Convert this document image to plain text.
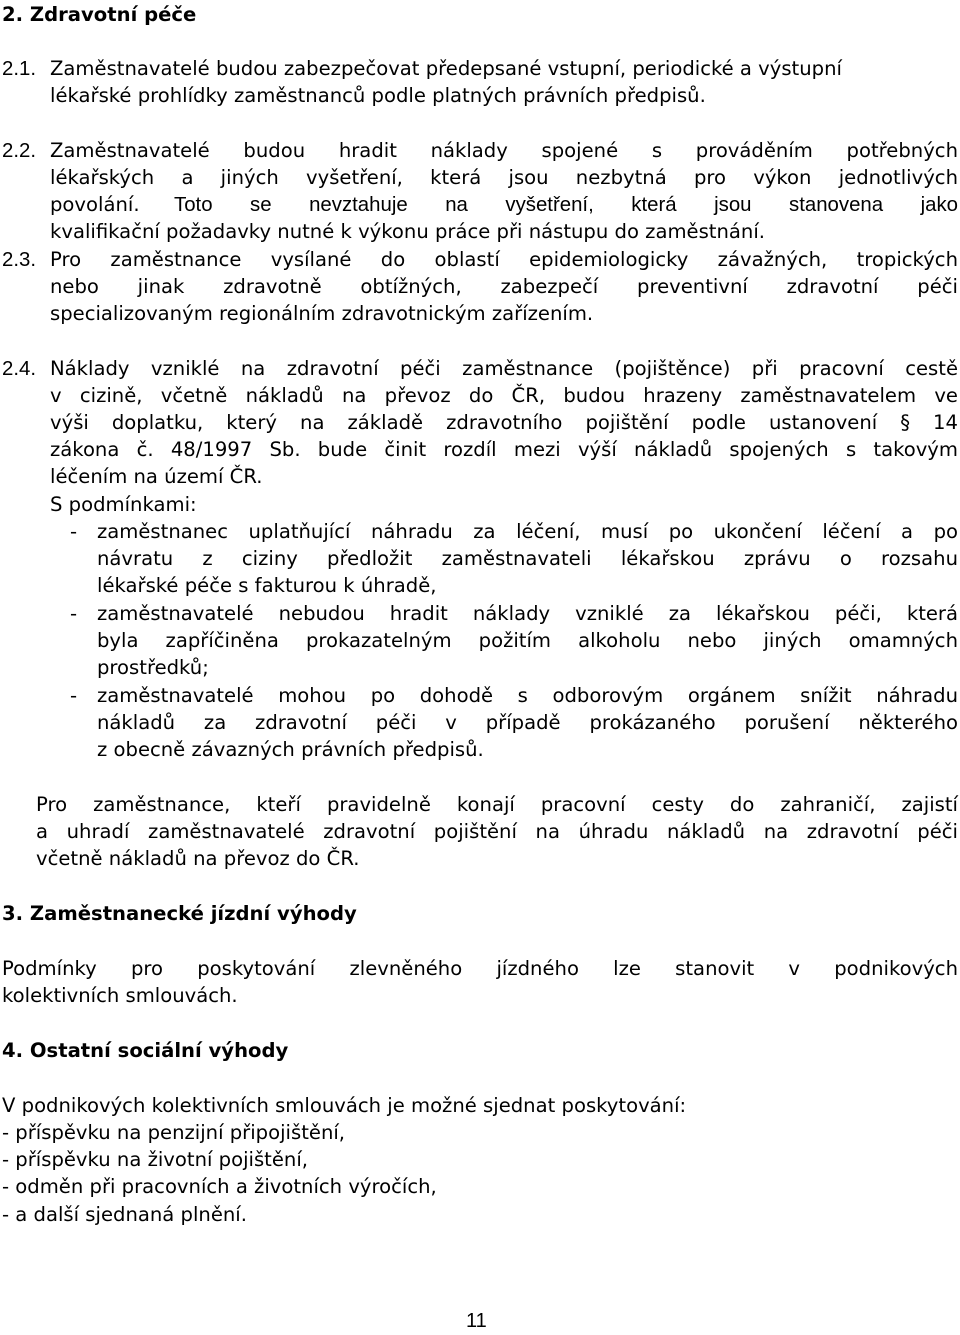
2. Zdravotní péče
2.1. Zaměstnavatelé budou zabezpečovat předepsané vstupní, periodické a výstupní
lékařské prohlídky zaměstnanců podle platných právních předpisů.
2.2. Zaměstnavatelé budou hradit náklady spojené s prováděním potřebných
lékařských a jiných vyšetření, která jsou nezbytná pro výkon jednotlivých
povolání. Toto se nevztahuje na vyšetření, která jsou stanovena jako
kvalifikační požadavky nutné k výkonu práce při nástupu do zaměstnání.
2.3. Pro zaměstnance vysílané do oblastí epidemiologicky závažných, tropických
nebo jinak zdravotně obtížných, zabezpečí preventivní zdravotní péči
specializovaným regionálním zdravotnickým zařízením.
2.4. Náklady vzniklé na zdravotní péči zaměstnance (pojištěnce) při pracovní cestě
v cizině, včetně nákladů na převoz do ČR, budou hrazeny zaměstnavatelem ve
výši doplatku, který na základě zdravotního pojištění podle ustanovení § 14
zákona č. 48/1997 Sb. bude činit rozdíl mezi výší nákladů spojených s takovým
léčením na území ČR.
S podmínkami:
- zaměstnanec uplatňující náhradu za léčení, musí po ukončení léčení a po
návratu z ciziny předložit zaměstnavateli lékařskou zprávu o rozsahu
lékařské péče s fakturou k úhradě,
- zaměstnavatelé nebudou hradit náklady vzniklé za lékařskou péči, která
byla zapříčiněna prokazatelným požitím alkoholu nebo jiných omamných
prostředků;
- zaměstnavatelé mohou po dohodě s odborovým orgánem snížit náhradu
nákladů za zdravotní péči v případě prokázaného porušení některého
z obecně závazných právních předpisů.
Pro zaměstnance, kteří pravidelně konají pracovní cesty do zahraničí, zajistí
a uhradí zaměstnavatelé zdravotní pojištění na úhradu nákladů na zdravotní péči
včetně nákladů na převoz do ČR.
3. Zaměstnanecké jízdní výhody
Podmínky pro poskytování zlevněného jízdného lze stanovit v podnikových
kolektivních smlouvách.
4. Ostatní sociální výhody
V podnikových kolektivních smlouvách je možné sjednat poskytování:
- příspěvku na penzijní připojištění,
- příspěvku na životní pojištění,
- odměn při pracovních a životních výročích,
- a další sjednaná plnění.
11
